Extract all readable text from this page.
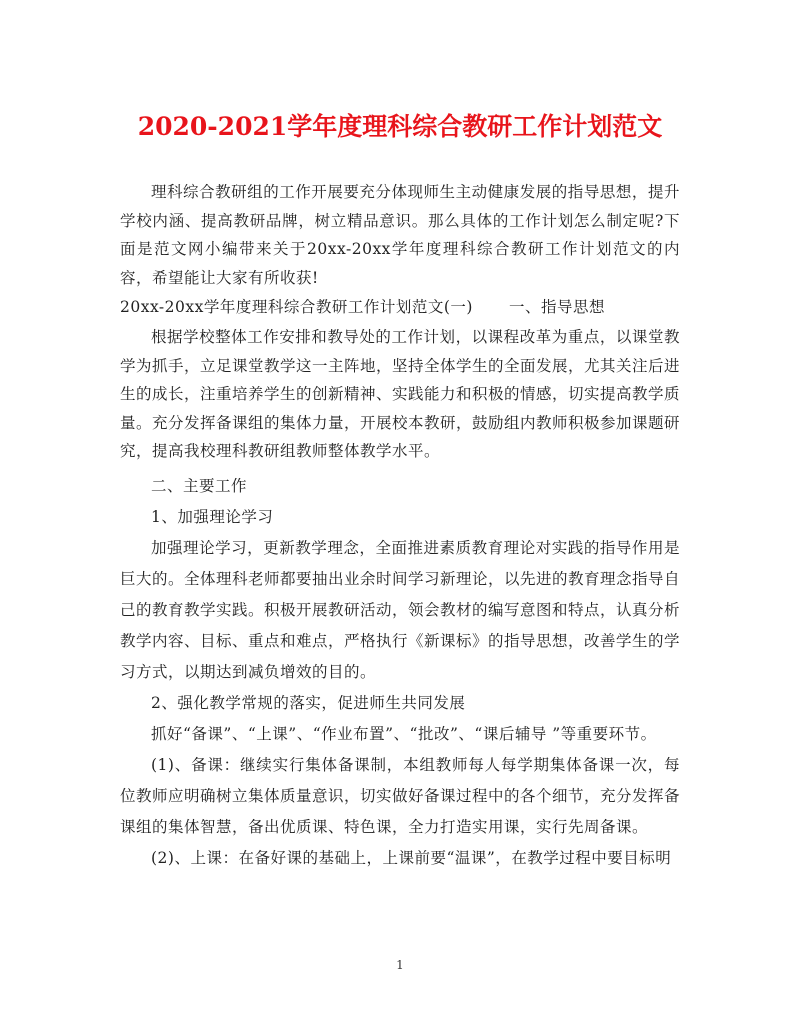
2020-2021学年度理科综合教研工作计划范文

理科综合教研组的工作开展要充分体现师生主动健康发展的指导思想，提升学校内涵、提高教研品牌，树立精品意识。那么具体的工作计划怎么制定呢?下面是范文网小编带来关于20xx-20xx学年度理科综合教研工作计划范文的内容，希望能让大家有所收获!

20xx-20xx学年度理科综合教研工作计划范文(一) 一、指导思想

根据学校整体工作安排和教导处的工作计划，以课程改革为重点，以课堂教学为抓手，立足课堂教学这一主阵地，坚持全体学生的全面发展，尤其关注后进生的成长，注重培养学生的创新精神、实践能力和积极的情感，切实提高教学质量。充分发挥备课组的集体力量，开展校本教研，鼓励组内教师积极参加课题研究，提高我校理科教研组教师整体教学水平。

二、主要工作

1、加强理论学习

加强理论学习，更新教学理念，全面推进素质教育理论对实践的指导作用是巨大的。全体理科老师都要抽出业余时间学习新理论，以先进的教育理念指导自己的教育教学实践。积极开展教研活动，领会教材的编写意图和特点，认真分析教学内容、目标、重点和难点，严格执行《新课标》的指导思想，改善学生的学习方式，以期达到减负增效的目的。

2、强化教学常规的落实，促进师生共同发展

抓好“备课”、“上课”、“作业布置”、“批改”、“课后辅导 ”等重要环节。

(1)、备课：继续实行集体备课制，本组教师每人每学期集体备课一次，每位教师应明确树立集体质量意识，切实做好备课过程中的各个细节，充分发挥备课组的集体智慧，备出优质课、特色课，全力打造实用课，实行先周备课。

(2)、上课：在备好课的基础上，上课前要“温课”，在教学过程中要目标明

1
